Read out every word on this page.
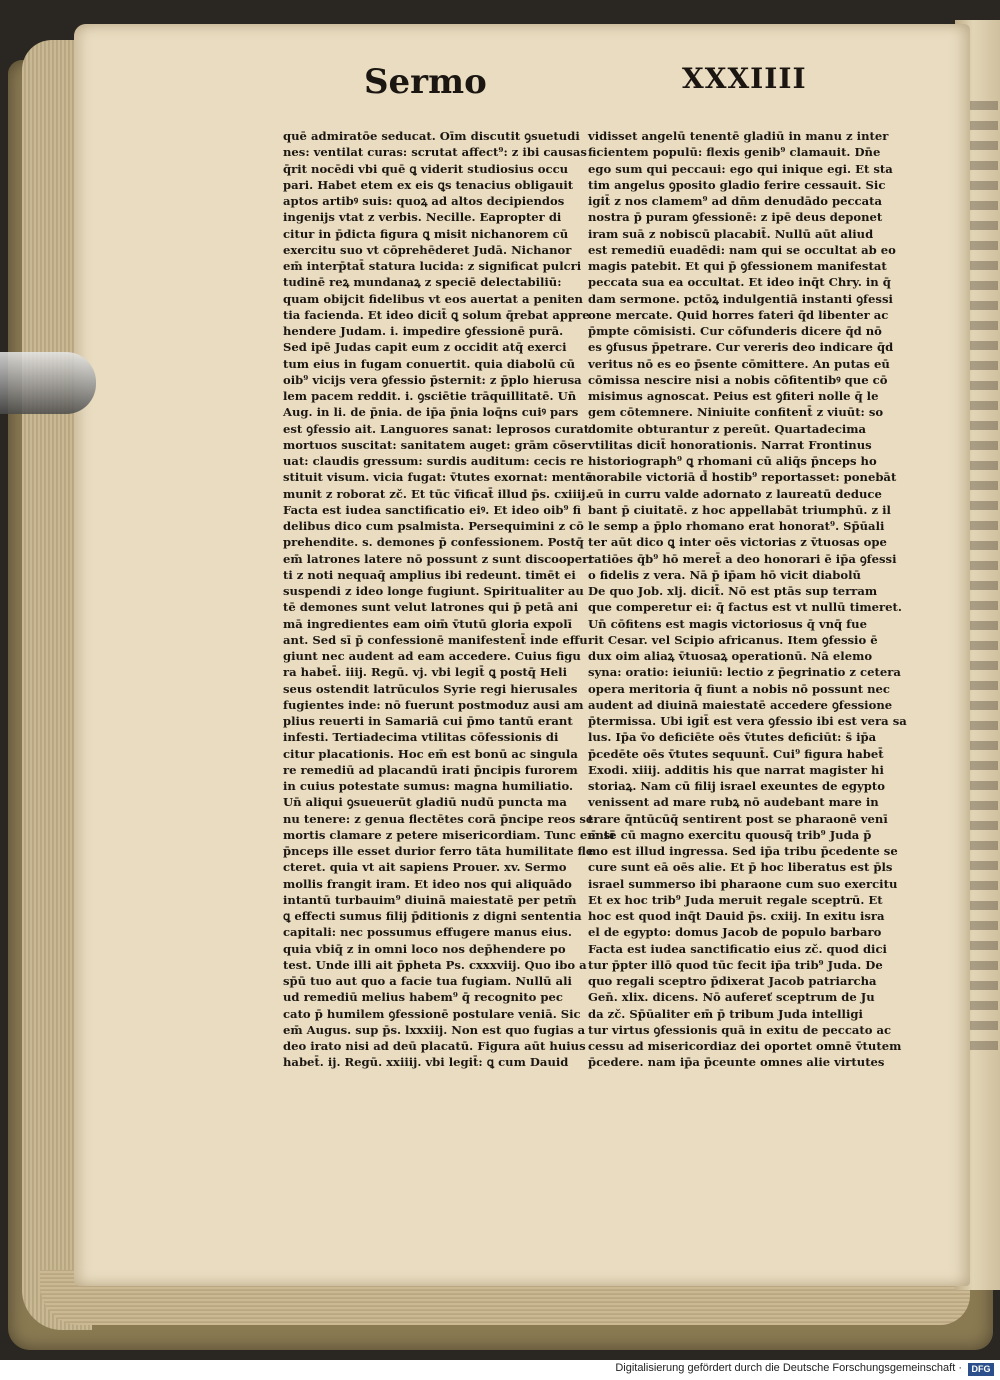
Sermo	XXXIIII
quē admiratōe seducat. Oīm discutit ꝯsuetudi
nes: ventilat curas: scrutat affect⁹: z ibi causas
q̄rit nocēdi vbi quē ꝗ viderit studiosius occu
pari. Habet etem ex eis ꝗs tenacius obligauit
aptos artibꝰ suis: quoꝝ ad altos decipiendos
ingenijs vtat z verbis. Necille. Eapropter di
citur in p̄dicta figura ꝗ misit nichanorem cū
exercitu suo vt cōprehēderet Judā. Nichanor
em̄ interp̄tat̄ statura lucida: z significat pulcri
tudinē reꝝ mundanaꝝ z speciē delectabiliū:
quam obijcit fidelibus vt eos auertat a peniten
tia facienda. Et ideo dicit̄ ꝗ solum q̄rebat appre
hendere Judam. i. impedire ꝯfessionē purā.
Sed ipē Judas capit eum z occidit atq̄ exerci
tum eius in fugam conuertit. quia diabolū cū
oib⁹ vicijs vera ꝯfessio p̄sternit: z p̄plo hierusa
lem pacem reddit. i. ꝯsciētie trāquillitatē. Un̄
Aug. in li. de p̄nia. de ip̄a p̄nia loq̄ns cuiꝰ pars
est ꝯfessio ait. Languores sanat: leprosos curat
mortuos suscitat: sanitatem auget: grām cōser
uat: claudis gressum: surdis auditum: cecis re
stituit visum. vicia fugat: v̄tutes exornat: mentē
munit z roborat zč. Et tūc v̄ificat̄ illud p̄s. cxiiij.
Facta est iudea sanctificatio eiꝰ. Et ideo oib⁹ fi
delibus dico cum psalmista. Persequimini z cō
prehendite. s. demones p̄ confessionem. Postq̄
em̄ latrones latere nō possunt z sunt discoopert
ti z noti nequaq̄ amplius ibi redeunt. timēt ei
suspendi z ideo longe fugiunt. Spiritualiter au
tē demones sunt velut latrones qui p̄ petā ani
mā ingredientes eam oim̄ v̄tutū gloria expolī
ant. Sed sī p̄ confessionē manifestent̄ inde effu
giunt nec audent ad eam accedere. Cuius figu
ra habet̄. iiij. Regū. vj. vbi legit̄ ꝗ postq̄ Heli
seus ostendit latrūculos Syrie regi hierusales
fugientes inde: nō fuerunt postmoduz ausi am
plius reuerti in Samariā cui p̄mo tantū erant
infesti. Tertiadecima vtilitas cōfessionis di
citur placationis. Hoc em̄ est bonū ac singula
re remediū ad placandū irati p̄ncipis furorem
in cuius potestate sumus: magna humiliatio.
Un̄ aliqui ꝯsueuerūt gladiū nudū puncta ma
nu tenere: z genua flectētes corā p̄ncipe reos se
mortis clamare z petere misericordiam. Tunc em̄ sī
p̄nceps ille esset durior ferro tāta humilitate fle
cteret. quia vt ait sapiens Prouer. xv. Sermo
mollis frangit iram. Et ideo nos qui aliquādo
intantū turbauim⁹ diuinā maiestatē per petm̄
ꝗ effecti sumus filij p̄ditionis z digni sententia
capitali: nec possumus effugere manus eius.
quia vbiq̄ z in omni loco nos dep̄hendere po
test. Unde illi ait p̄pheta Ps. cxxxviij. Quo ibo a
sp̄ū tuo aut quo a facie tua fugiam. Nullū ali
ud remediū melius habem⁹ q̄ recognito pec
cato p̄ humilem ꝯfessionē postulare veniā. Sic
em̄ Augus. sup p̄s. lxxxiij. Non est quo fugias a
deo irato nisi ad deū placatū. Figura aūt huius
habet̄. ij. Regū. xxiiij. vbi legit̄: ꝗ cum Dauid
vidisset angelū tenentē gladiū in manu z inter
ficientem populū: flexis genib⁹ clamauit. Dn̄e
ego sum qui peccaui: ego qui inique egi. Et sta
tim angelus ꝯposito gladio ferire cessauit. Sic
igit̄ z nos clamem⁹ ad dn̄m denudādo peccata
nostra p̄ puram ꝯfessionē: z ipē deus deponet
iram suā z nobiscū placabit̄. Nullū aūt aliud
est remediū euadēdi: nam qui se occultat ab eo
magis patebit. Et qui p̄ ꝯfessionem manifestat
peccata sua ea occultat. Et ideo inq̄t Chry. in q̄
dam sermone. pctōꝝ indulgentiā instanti ꝯfessi
one mercate. Quid horres fateri q̄d libenter ac
p̄mpte cōmisisti. Cur cōfunderis dicere q̄d nō
es ꝯfusus p̄petrare. Cur vereris deo indicare q̄d
veritus nō es eo p̄sente cōmittere. An putas eū
cōmissa nescire nisi a nobis cōfitentibꝰ que cō
misimus agnoscat. Peius est ꝯfiteri nolle q̄ le
gem cōtemnere. Niniuite confitent̄ z viuūt: so
domite obturantur z pereūt. Quartadecima
vtilitas dicit̄ honorationis. Narrat Frontinus
historiograph⁹ ꝗ rhomani cū aliq̄s p̄nceps ho
norabile victoriā d̄ hostib⁹ reportasset: ponebāt
eū in curru valde adornato z laureatū deduce
bant p̄ ciuitatē. z hoc appellabāt triumphū. z il
le semp a p̄plo rhomano erat honorat⁹. Sp̄ūali
ter aūt dico ꝗ inter oēs victorias z v̄tuosas ope
ratiōes q̄b⁹ hō meret̄ a deo honorari ē ip̄a ꝯfessi
o fidelis z vera. Nā p̄ ip̄am hō vicit diabolū
De quo Job. xlj. dicit̄. Nō est ptās sup terram
que comperetur ei: q̄ factus est vt nullū timeret.
Un̄ cōfitens est magis victoriosus q̄ vnq̄ fue
rit Cesar. vel Scipio africanus. Item ꝯfessio ē
dux oim aliaꝝ v̄tuosaꝝ operationū. Nā elemo
syna: oratio: ieiuniū: lectio z p̄egrinatio z cetera
opera meritoria q̄ fiunt a nobis nō possunt nec
audent ad diuinā maiestatē accedere ꝯfessione
p̄termissa. Ubi igit̄ est vera ꝯfessio ibi est vera sa
lus. Ip̄a v̄o deficiēte oēs v̄tutes deficiūt: s̄ ip̄a
p̄cedēte oēs v̄tutes sequunt̄. Cui⁹ figura habet̄
Exodi. xiiij. additis his que narrat magister hi
storiaꝝ. Nam cū filij israel exeuntes de egypto
venissent ad mare rubꝝ nō audebant mare in
trare q̄ntūcūq̄ sentirent post se pharaonē venī
entē cū magno exercitu quousq̄ trib⁹ Juda p̄
mo est illud ingressa. Sed ip̄a tribu p̄cedente se
cure sunt eā oēs alie. Et p̄ hoc liberatus est p̄ls
israel summerso ibi pharaone cum suo exercitu
Et ex hoc trib⁹ Juda meruit regale sceptrū. Et
hoc est quod inq̄t Dauid p̄s. cxiij. In exitu isra
el de egypto: domus Jacob de populo barbaro
Facta est iudea sanctificatio eius zč. quod dici
tur p̄pter illō quod tūc fecit ip̄a trib⁹ Juda. De
quo regali sceptro p̄dixerat Jacob patriarcha
Gen̄. xlix. dicens. Nō aufereť sceptrum de Ju
da zč. Sp̄ūaliter em̄ p̄ tribum Juda intelligi
tur virtus ꝯfessionis quā in exitu de peccato ac
cessu ad misericordiaz dei oportet omnē v̄tutem
p̄cedere. nam ip̄a p̄ceunte omnes alie virtutes
Digitalisierung gefördert durch die Deutsche Forschungsgemeinschaft ·	DFG
